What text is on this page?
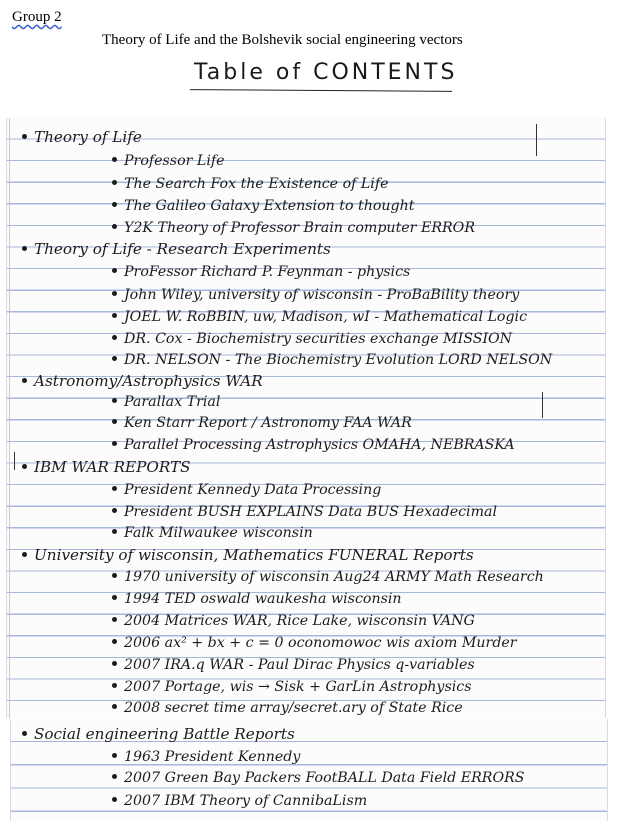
Group 2
Theory of Life and the Bolshevik social engineering vectors
Table of CONTENTS
Theory of Life
Professor Life
The Search Fox the Existence of Life
The Galileo Galaxy Extension to thought
Y2K Theory of Professor Brain computer ERROR
Theory of Life - Research Experiments
ProFessor Richard P. Feynman - physics
John Wiley, university of wisconsin - ProBaBility theory
JOEL W. RoBBIN, uw, Madison, wI - Mathematical Logic
DR. Cox - Biochemistry securities exchange MISSION
DR. NELSON - The Biochemistry Evolution LORD NELSON
Astronomy/Astrophysics WAR
Parallax Trial
Ken Starr Report / Astronomy FAA WAR
Parallel Processing Astrophysics OMAHA, NEBRASKA
IBM WAR REPORTS
President Kennedy Data Processing
President BUSH EXPLAINS Data BUS Hexadecimal
Falk Milwaukee wisconsin
University of wisconsin, Mathematics FUNERAL Reports
1970 university of wisconsin Aug24 ARMY Math Research
1994 TED oswald waukesha wisconsin
2004 Matrices WAR, Rice Lake, wisconsin VANG
2006 ax² + bx + c = 0 oconomowoc wis axiom Murder
2007 IRA.q WAR - Paul Dirac Physics q-variables
2007 Portage, wis → Sisk + GarLin Astrophysics
2008 secret time array/secret.ary of State Rice
Social engineering Battle Reports
1963 President Kennedy
2007 Green Bay Packers FootBALL Data Field ERRORS
2007 IBM Theory of CannibaLism
